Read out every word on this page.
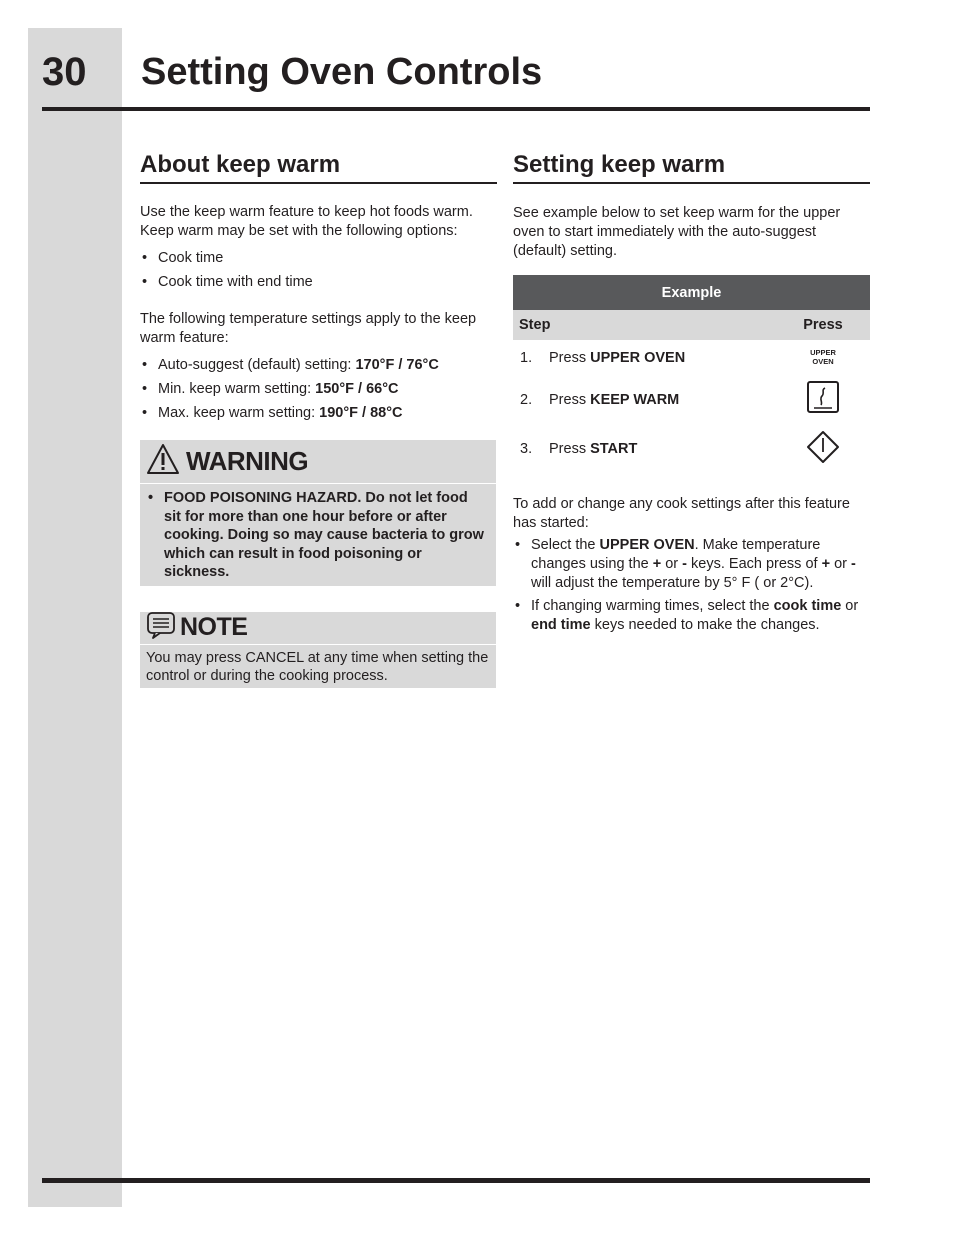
30 Setting Oven Controls
About keep warm

Use the keep warm feature to keep hot foods warm. Keep warm may be set with the following options:

• Cook time
• Cook time with end time

The following temperature settings apply to the keep warm feature:

• Auto-suggest (default) setting: 170°F / 76°C
• Min. keep warm setting: 150°F / 66°C
• Max. keep warm setting: 190°F / 88°C
WARNING
• FOOD POISONING HAZARD. Do not let food sit for more than one hour before or after cooking. Doing so may cause bacteria to grow which can result in food poisoning or sickness.
NOTE

You may press CANCEL at any time when setting the control or during the cooking process.

Setting keep warm

See example below to set keep warm for the upper oven to start immediately with the auto-suggest (default) setting.

Example		
Step		Press
1.	Press UPPER OVEN	UPPER
OVEN
2.	Press KEEP WARM	
3.	Press START	

To add or change any cook settings after this feature has started:

• Select the UPPER OVEN. Make temperature changes using the + or - keys. Each press of + or - will adjust the temperature by 5° F ( or 2°C).
• If changing warming times, select the cook time or end time keys needed to make the changes.
